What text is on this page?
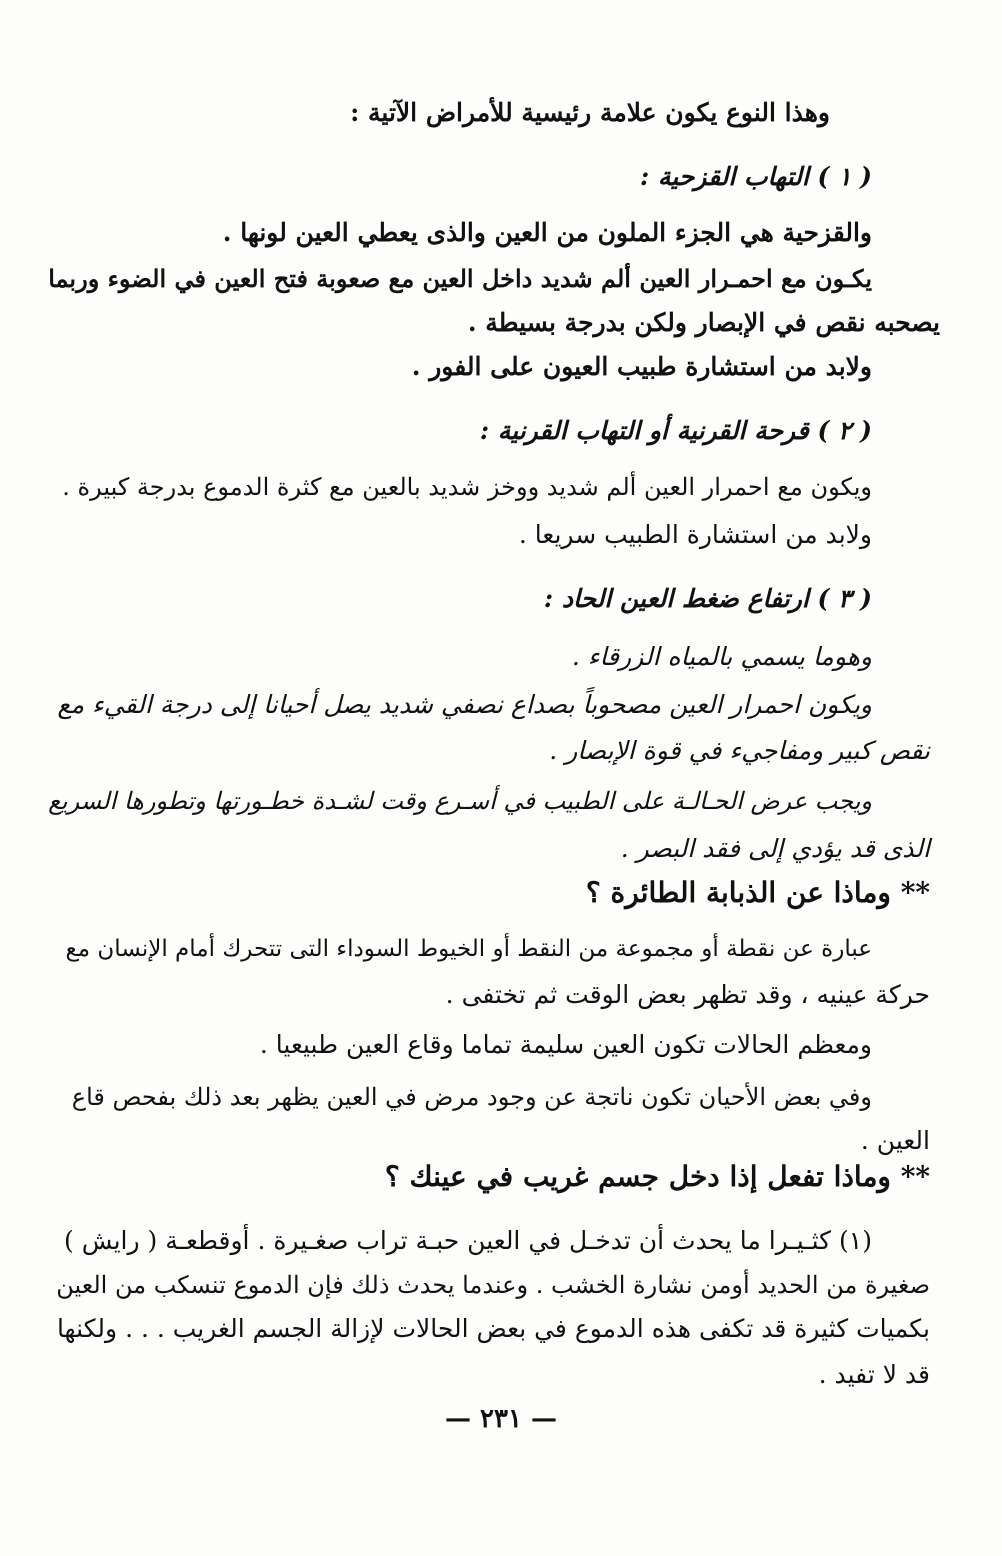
وهذا النوع يكون علامة رئيسية للأمراض الآتية :
( ١ ) التهاب القزحية :
والقزحية هي الجزء الملون من العين والذى يعطي العين لونها .
يكـون مع احمـرار العين ألم شديد داخل العين مع صعوبة فتح العين في الضوء وربما
يصحبه نقص في الإبصار ولكن بدرجة بسيطة .
ولابد من استشارة طبيب العيون على الفور .
( ٢ ) قرحة القرنية أو التهاب القرنية :
ويكون مع احمرار العين ألم شديد ووخز شديد بالعين مع كثرة الدموع بدرجة كبيرة .
ولابد من استشارة الطبيب سريعا .
( ٣ ) ارتفاع ضغط العين الحاد :
وهوما يسمي بالمياه الزرقاء .
ويكون احمرار العين مصحوباً بصداع نصفي شديد يصل أحيانا إلى درجة القيء مع
نقص كبير ومفاجيء في قوة الإبصار .
ويجب عرض الحـالـة على الطبيب في أسـرع وقت لشـدة خطـورتها وتطورها السريع
الذى قد يؤدي إلى فقد البصر .
** وماذا عن الذبابة الطائرة ؟
عبارة عن نقطة أو مجموعة من النقط أو الخيوط السوداء التى تتحرك أمام الإنسان مع
حركة عينيه ، وقد تظهر بعض الوقت ثم تختفى .
ومعظم الحالات تكون العين سليمة تماما وقاع العين طبيعيا .
وفي بعض الأحيان تكون ناتجة عن وجود مرض في العين يظهر بعد ذلك بفحص قاع
العين .
** وماذا تفعل إذا دخل جسم غريب في عينك ؟
(١) كثـيـرا ما يحدث أن تدخـل في العين حبـة تراب صغـيرة . أوقطعـة ( رايش )
صغيرة من الحديد أومن نشارة الخشب . وعندما يحدث ذلك فإن الدموع تنسكب من العين
بكميات كثيرة قد تكفى هذه الدموع في بعض الحالات لإزالة الجسم الغريب . . . ولكنها
قد لا تفيد .
— ٢٣١ —
